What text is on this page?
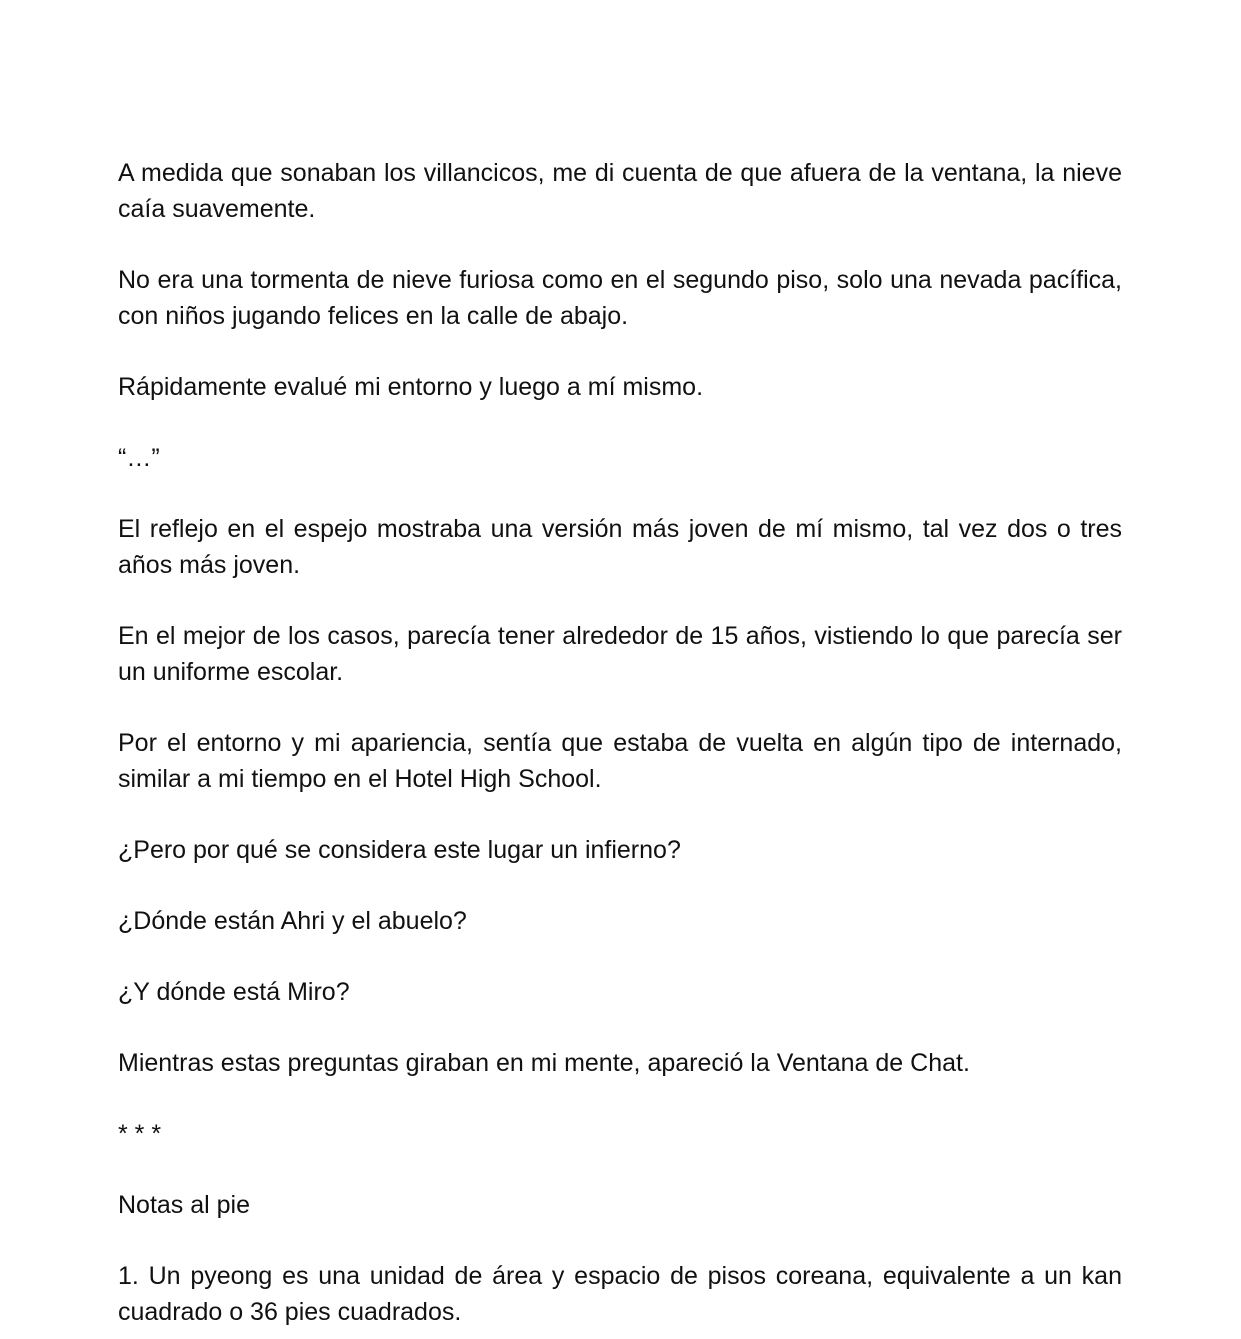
A medida que sonaban los villancicos, me di cuenta de que afuera de la ventana, la nieve caía suavemente.

No era una tormenta de nieve furiosa como en el segundo piso, solo una nevada pacífica, con niños jugando felices en la calle de abajo.

Rápidamente evalué mi entorno y luego a mí mismo.

“…”

El reflejo en el espejo mostraba una versión más joven de mí mismo, tal vez dos o tres años más joven.

En el mejor de los casos, parecía tener alrededor de 15 años, vistiendo lo que parecía ser un uniforme escolar.

Por el entorno y mi apariencia, sentía que estaba de vuelta en algún tipo de internado, similar a mi tiempo en el Hotel High School.

¿Pero por qué se considera este lugar un infierno?

¿Dónde están Ahri y el abuelo?

¿Y dónde está Miro?

Mientras estas preguntas giraban en mi mente, apareció la Ventana de Chat.

* * *

Notas al pie

1. Un pyeong es una unidad de área y espacio de pisos coreana, equivalente a un kan cuadrado o 36 pies cuadrados.
